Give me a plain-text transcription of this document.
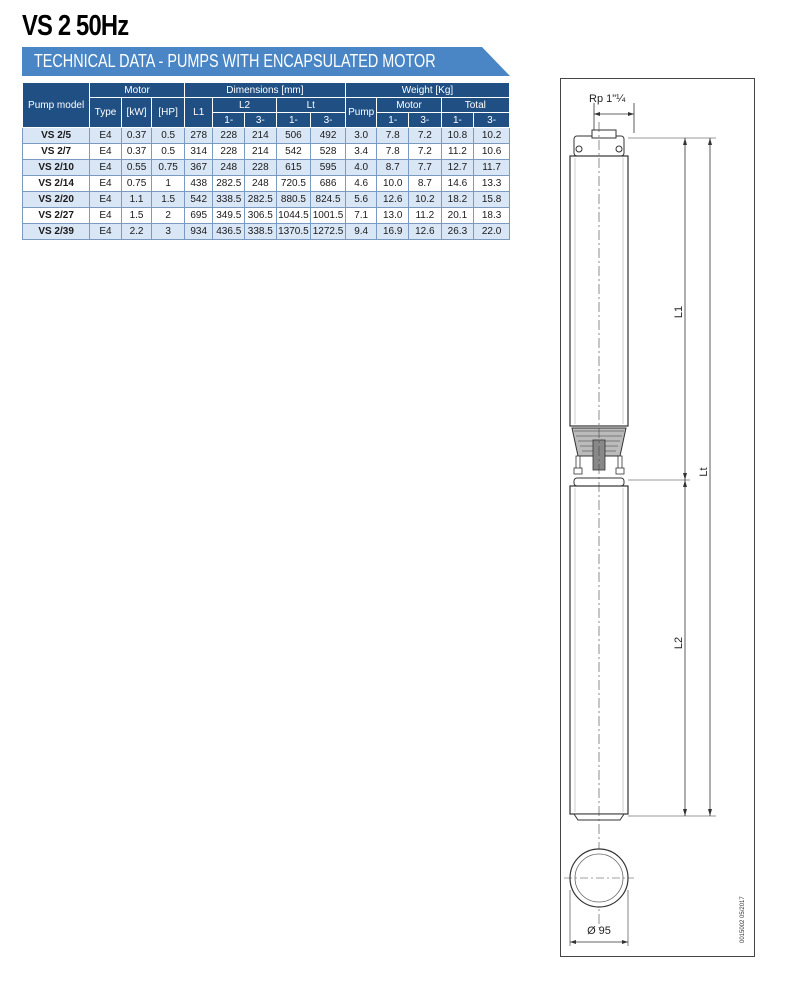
VS 2 50Hz
TECHNICAL DATA - PUMPS WITH ENCAPSULATED MOTOR
Pump model	Motor			Dimensions [mm]					Weight [Kg]				
	Type	[kW]	[HP]	L1	L2		Lt		Pump	Motor		Total	
					1-	3-	1-	3-		1-	3-	1-	3-
VS 2/5	E4	0.37	0.5	278	228	214	506	492	3.0	7.8	7.2	10.8	10.2
VS 2/7	E4	0.37	0.5	314	228	214	542	528	3.4	7.8	7.2	11.2	10.6
VS 2/10	E4	0.55	0.75	367	248	228	615	595	4.0	8.7	7.7	12.7	11.7
VS 2/14	E4	0.75	1	438	282.5	248	720.5	686	4.6	10.0	8.7	14.6	13.3
VS 2/20	E4	1.1	1.5	542	338.5	282.5	880.5	824.5	5.6	12.6	10.2	18.2	15.8
VS 2/27	E4	1.5	2	695	349.5	306.5	1044.5	1001.5	7.1	13.0	11.2	20.1	18.3
VS 2/39	E4	2.2	3	934	436.5	338.5	1370.5	1272.5	9.4	16.9	12.6	26.3	22.0
Rp 1"¼
L1
L2
Lt
Ø 95	0015002 05/2017
